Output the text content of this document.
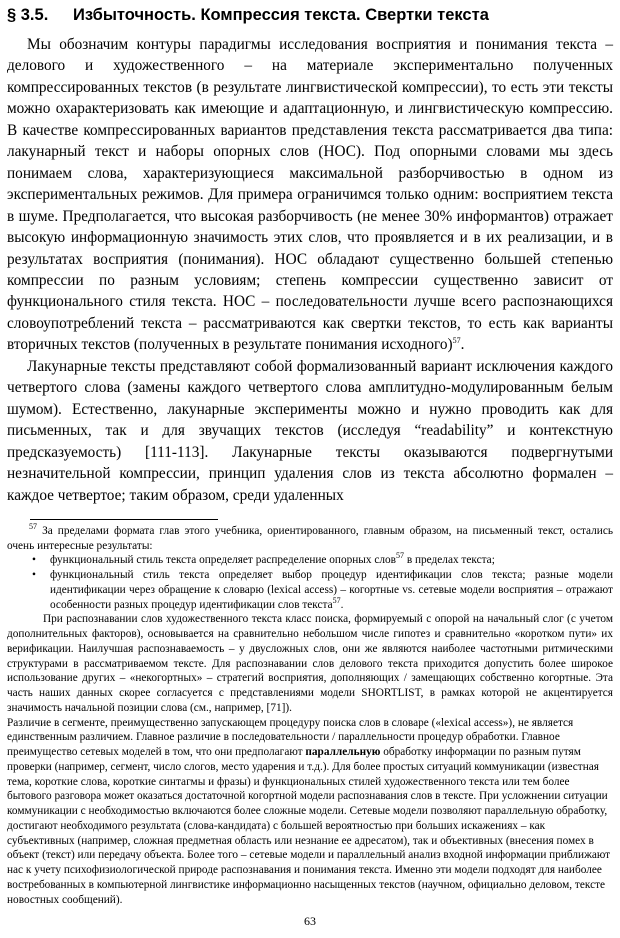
§ 3.5. Избыточность. Компрессия текста. Свертки текста

Мы обозначим контуры парадигмы исследования восприятия и понимания текста – делового и художественного – на материале экспериментально полученных компрессированных текстов (в результате лингвистической компрессии), то есть эти тексты можно охарактеризовать как имеющие и адаптационную, и лингвистическую компрессию. В качестве компрессированных вариантов представления текста рассматривается два типа: лакунарный текст и наборы опорных слов (НОС). Под опорными словами мы здесь понимаем слова, характеризующиеся максимальной разборчивостью в одном из экспериментальных режимов. Для примера ограничимся только одним: восприятием текста в шуме. Предполагается, что высокая разборчивость (не менее 30% информантов) отражает высокую информационную значимость этих слов, что проявляется и в их реализации, и в результатах восприятия (понимания). НОС обладают существенно большей степенью компрессии по разным условиям; степень компрессии существенно зависит от функционального стиля текста. НОС – последовательности лучше всего распознающихся словоупотреблений текста – рассматриваются как свертки текстов, то есть как варианты вторичных текстов (полученных в результате понимания исходного)$^{57}$.

Лакунарные тексты представляют собой формализованный вариант исключения каждого четвертого слова (замены каждого четвертого слова амплитудно-модулированным белым шумом). Естественно, лакунарные эксперименты можно и нужно проводить как для письменных, так и для звучащих текстов (исследуя “readability” и контекстную предсказуемость) [111-113]. Лакунарные тексты оказываются подвергнутыми незначительной компрессии, принцип удаления слов из текста абсолютно формален – каждое четвертое; таким образом, среди удаленных

$^{57}$ За пределами формата глав этого учебника, ориентированного, главным образом, на письменный текст, остались очень интересные результаты:

• функциональный стиль текста определяет распределение опорных слов$^{57}$ в пределах текста;
• функциональный стиль текста определяет выбор процедур идентификации слов текста; разные модели идентификации через обращение к словарю (lexical access) – когортные vs. сетевые модели восприятия – отражают особенности разных процедур идентификации слов текста$^{57}$.

При распознавании слов художественного текста класс поиска, формируемый с опорой на начальный слог (с учетом дополнительных факторов), основывается на сравнительно небольшом числе гипотез и сравнительно «коротком пути» их верификации. Наилучшая распознаваемость – у двусложных слов, они же являются наиболее частотными ритмическими структурами в рассматриваемом тексте. Для распознавании слов делового текста приходится допустить более широкое использование других – «некогортных» – стратегий восприятия, дополняющих / замещающих собственно когортные. Эта часть наших данных скорее согласуется с представлениями модели SHORTLIST, в рамках которой не акцентируется значимость начальной позиции слова (см., например, [71]).

Различие в сегменте, преимущественно запускающем процедуру поиска слов в словаре («lexical access»), не является единственным различием. Главное различие в последовательности / параллельности процедур обработки. Главное преимущество сетевых моделей в том, что они предполагают параллельную обработку информации по разным путям проверки (например, сегмент, число слогов, место ударения и т.д.). Для более простых ситуаций коммуникации (известная тема, короткие слова, короткие синтагмы и фразы) и функциональных стилей художественного текста или тем более бытового разговора может оказаться достаточной когортной модели распознавания слов в тексте. При усложнении ситуации коммуникации с необходимостью включаются более сложные модели. Сетевые модели позволяют параллельную обработку, достигают необходимого результата (слова-кандидата) с большей вероятностью при больших искажениях – как субъективных (например, сложная предметная область или незнание ее адресатом), так и объективных (внесения помех в объект (текст) или передачу объекта. Более того – сетевые модели и параллельный анализ входной информации приближают нас к учету психофизиологической природе распознавания и понимания текста. Именно эти модели подходят для наиболее востребованных в компьютерной лингвистике информационно насыщенных текстов (научном, официально деловом, тексте новостных сообщений).

63
